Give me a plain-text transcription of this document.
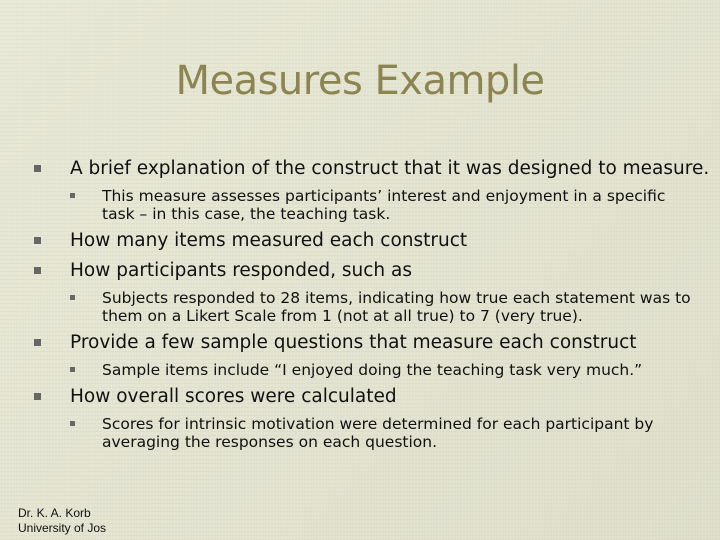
Measures Example
A brief explanation of the construct that it was designed to measure.
This measure assesses participants’ interest and enjoyment in a specific task – in this case, the teaching task.
How many items measured each construct
How participants responded, such as
Subjects responded to 28 items, indicating how true each statement was to them on a Likert Scale from 1 (not at all true) to 7 (very true).
Provide a few sample questions that measure each construct
Sample items include “I enjoyed doing the teaching task very much.”
How overall scores were calculated
Scores for intrinsic motivation were determined for each participant by averaging the responses on each question.
Dr. K. A. Korb
University of Jos
